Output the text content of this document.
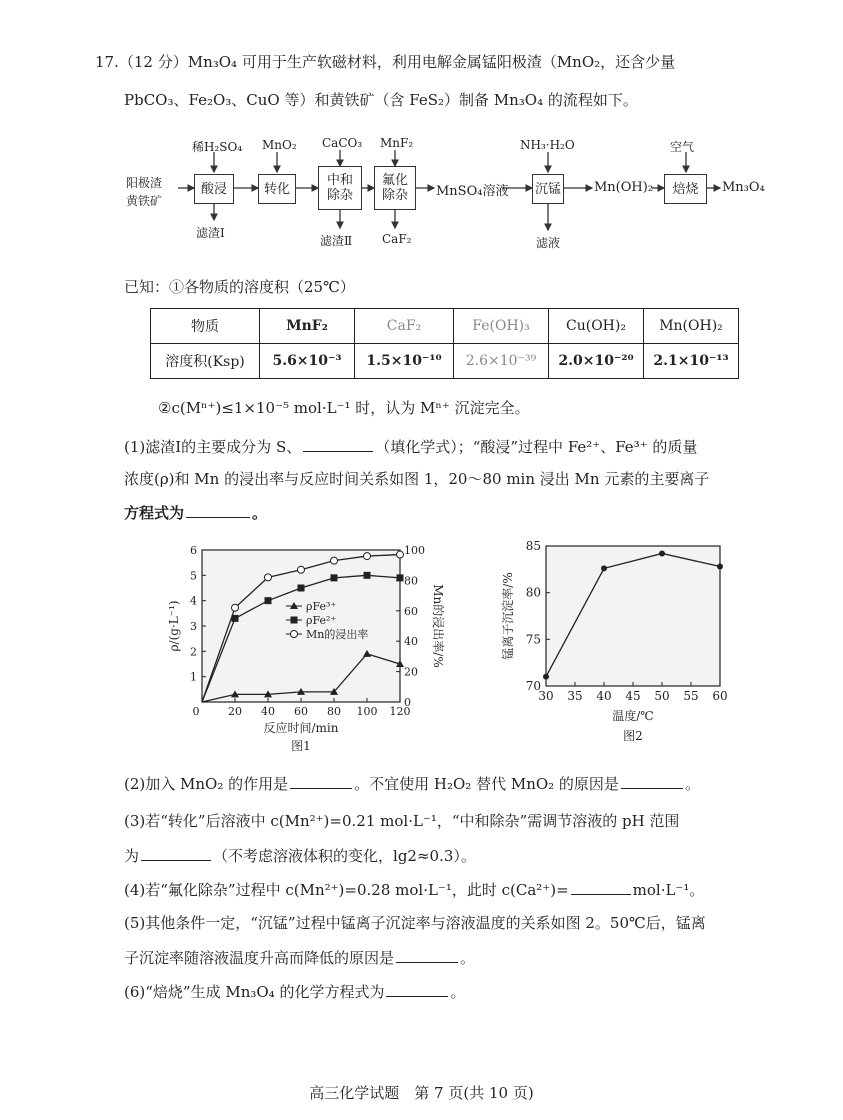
17.（12 分）Mn₃O₄ 可用于生产软磁材料，利用电解金属锰阳极渣（MnO₂，还含少量
PbCO₃、Fe₂O₃、CuO 等）和黄铁矿（含 FeS₂）制备 Mn₃O₄ 的流程如下。
阳极渣
黄铁矿
稀H₂SO₄ MnO₂ CaCO₃ MnF₂	NH₃·H₂O	空气
酸浸	转化
中和
除杂
氟化
除杂	MnSO₄溶液 沉锰	Mn(OH)₂	焙烧	Mn₃O₄
滤渣Ⅰ
滤渣Ⅱ CaF₂	滤液
已知：①各物质的溶度积（25℃）
物质	MnF₂	CaF₂	Fe(OH)₃	Cu(OH)₂	Mn(OH)₂
溶度积(Ksp)	5.6×10⁻³	1.5×10⁻¹⁰	2.6×10⁻³⁹	2.0×10⁻²⁰	2.1×10⁻¹³
②c(Mⁿ⁺)≤1×10⁻⁵ mol·L⁻¹ 时，认为 Mⁿ⁺ 沉淀完全。
(1)滤渣Ⅰ的主要成分为 S、	（填化学式）；“酸浸”过程中 Fe²⁺、Fe³⁺ 的质量
浓度(ρ)和 Mn 的浸出率与反应时间关系如图 1，20～80 min 浸出 Mn 元素的主要离子
方程式为	。
20 40 60 80 100 120
0
1
2
3
4
5
6
0
20
40
60
80
100
反应时间/min
图1
ρ/(g·L⁻¹)	Mn的浸出率/%
ρFe³⁺
ρFe²⁺
Mn的浸出率
30 35 40 45 50 55 60
70
75
80
85
温度/℃
图2
锰离子沉淀率/%
(2)加入 MnO₂ 的作用是	。不宜使用 H₂O₂ 替代 MnO₂ 的原因是	。
(3)若“转化”后溶液中 c(Mn²⁺)=0.21 mol·L⁻¹，“中和除杂”需调节溶液的 pH 范围
为	（不考虑溶液体积的变化，lg2≈0.3）。
(4)若“氟化除杂”过程中 c(Mn²⁺)=0.28 mol·L⁻¹，此时 c(Ca²⁺)=	mol·L⁻¹。
(5)其他条件一定，“沉锰”过程中锰离子沉淀率与溶液温度的关系如图 2。50℃后，锰离
子沉淀率随溶液温度升高而降低的原因是	。
(6)“焙烧”生成 Mn₃O₄ 的化学方程式为	。
高三化学试题　第 7 页(共 10 页)
